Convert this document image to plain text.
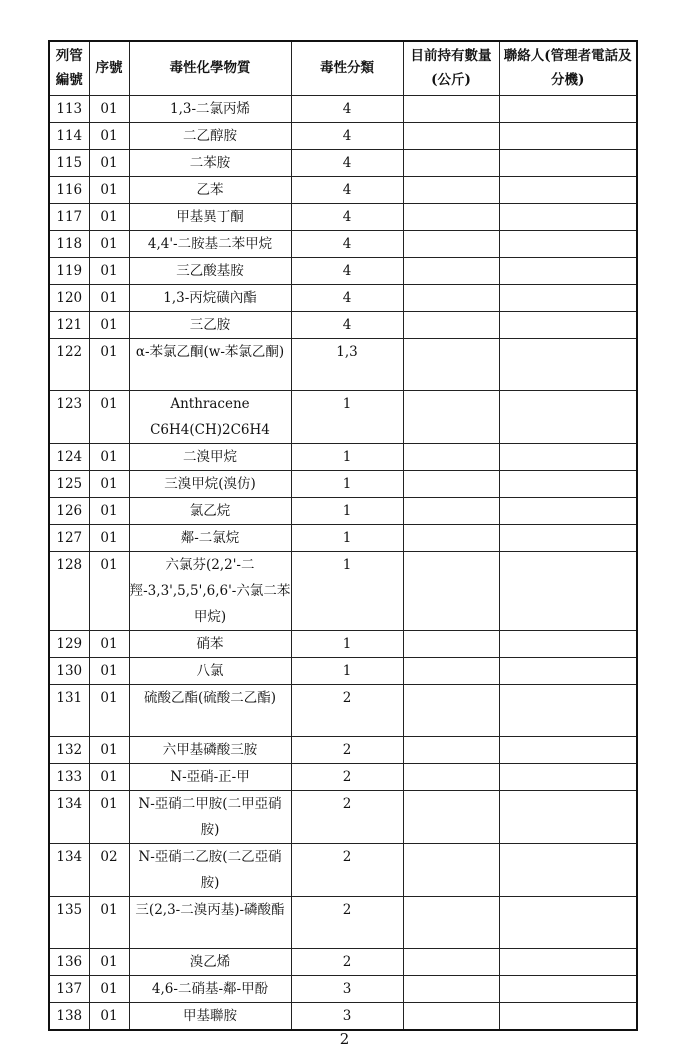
列管編號	序號	毒性化學物質	毒性分類	目前持有數量(公斤)	聯絡人(管理者電話及分機)
113	01	1,3-二氯丙烯	4		
114	01	二乙醇胺	4		
115	01	二苯胺	4		
116	01	乙苯	4		
117	01	甲基異丁酮	4		
118	01	4,4'-二胺基二苯甲烷	4		
119	01	三乙酸基胺	4		
120	01	1,3-丙烷磺內酯	4		
121	01	三乙胺	4		
122	01	α-苯氯乙酮(w-苯氯乙酮)	1,3		
123	01	Anthracene
C6H4(CH)2C6H4	1		
124	01	二溴甲烷	1		
125	01	三溴甲烷(溴仿)	1		
126	01	氯乙烷	1		
127	01	鄰-二氯烷	1		
128	01	六氯芬(2,2'-二羥-3,3',5,5',6,6'-六氯二苯甲烷)	1		
129	01	硝苯	1		
130	01	八氯	1		
131	01	硫酸乙酯(硫酸二乙酯)	2		
132	01	六甲基磷酸三胺	2		
133	01	N-亞硝-正-甲	2		
134	01	N-亞硝二甲胺(二甲亞硝胺)	2		
134	02	N-亞硝二乙胺(二乙亞硝胺)	2		
135	01	三(2,3-二溴丙基)-磷酸酯	2		
136	01	溴乙烯	2		
137	01	4,6-二硝基-鄰-甲酚	3		
138	01	甲基聯胺	3		
2
